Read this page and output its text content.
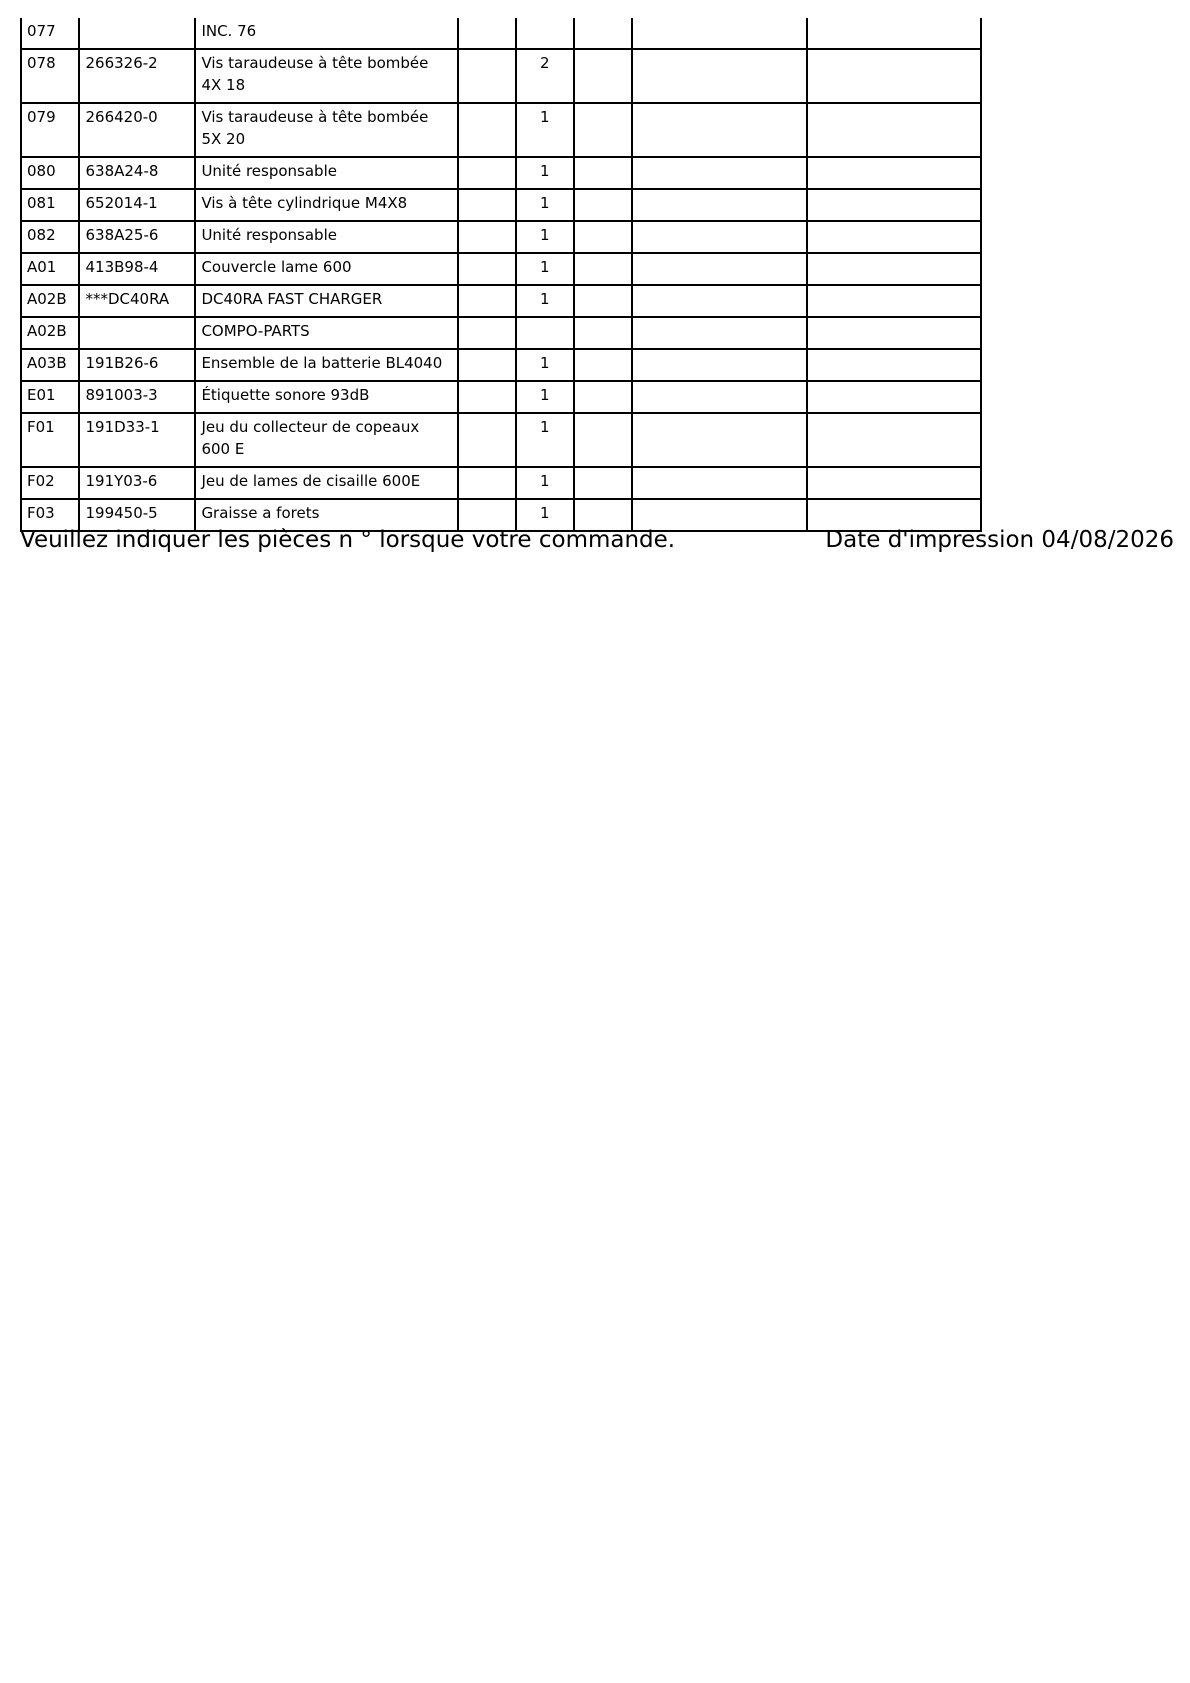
077		INC. 76					
078	266326-2	Vis taraudeuse à tête bombée 4X 18		2			
079	266420-0	Vis taraudeuse à tête bombée 5X 20		1			
080	638A24-8	Unité responsable		1			
081	652014-1	Vis à tête cylindrique M4X8		1			
082	638A25-6	Unité responsable		1			
A01	413B98-4	Couvercle lame 600		1			
A02B	***DC40RA	DC40RA FAST CHARGER		1			
A02B		COMPO-PARTS					
A03B	191B26-6	Ensemble de la batterie BL4040		1			
E01	891003-3	Étiquette sonore 93dB		1			
F01	191D33-1	Jeu du collecteur de copeaux 600 E		1			
F02	191Y03-6	Jeu de lames de cisaille 600E		1			
F03	199450-5	Graisse a forets		1			
Veuillez indiquer les pièces n ° lorsque votre commande.	Date d'impression 04/08/2026
